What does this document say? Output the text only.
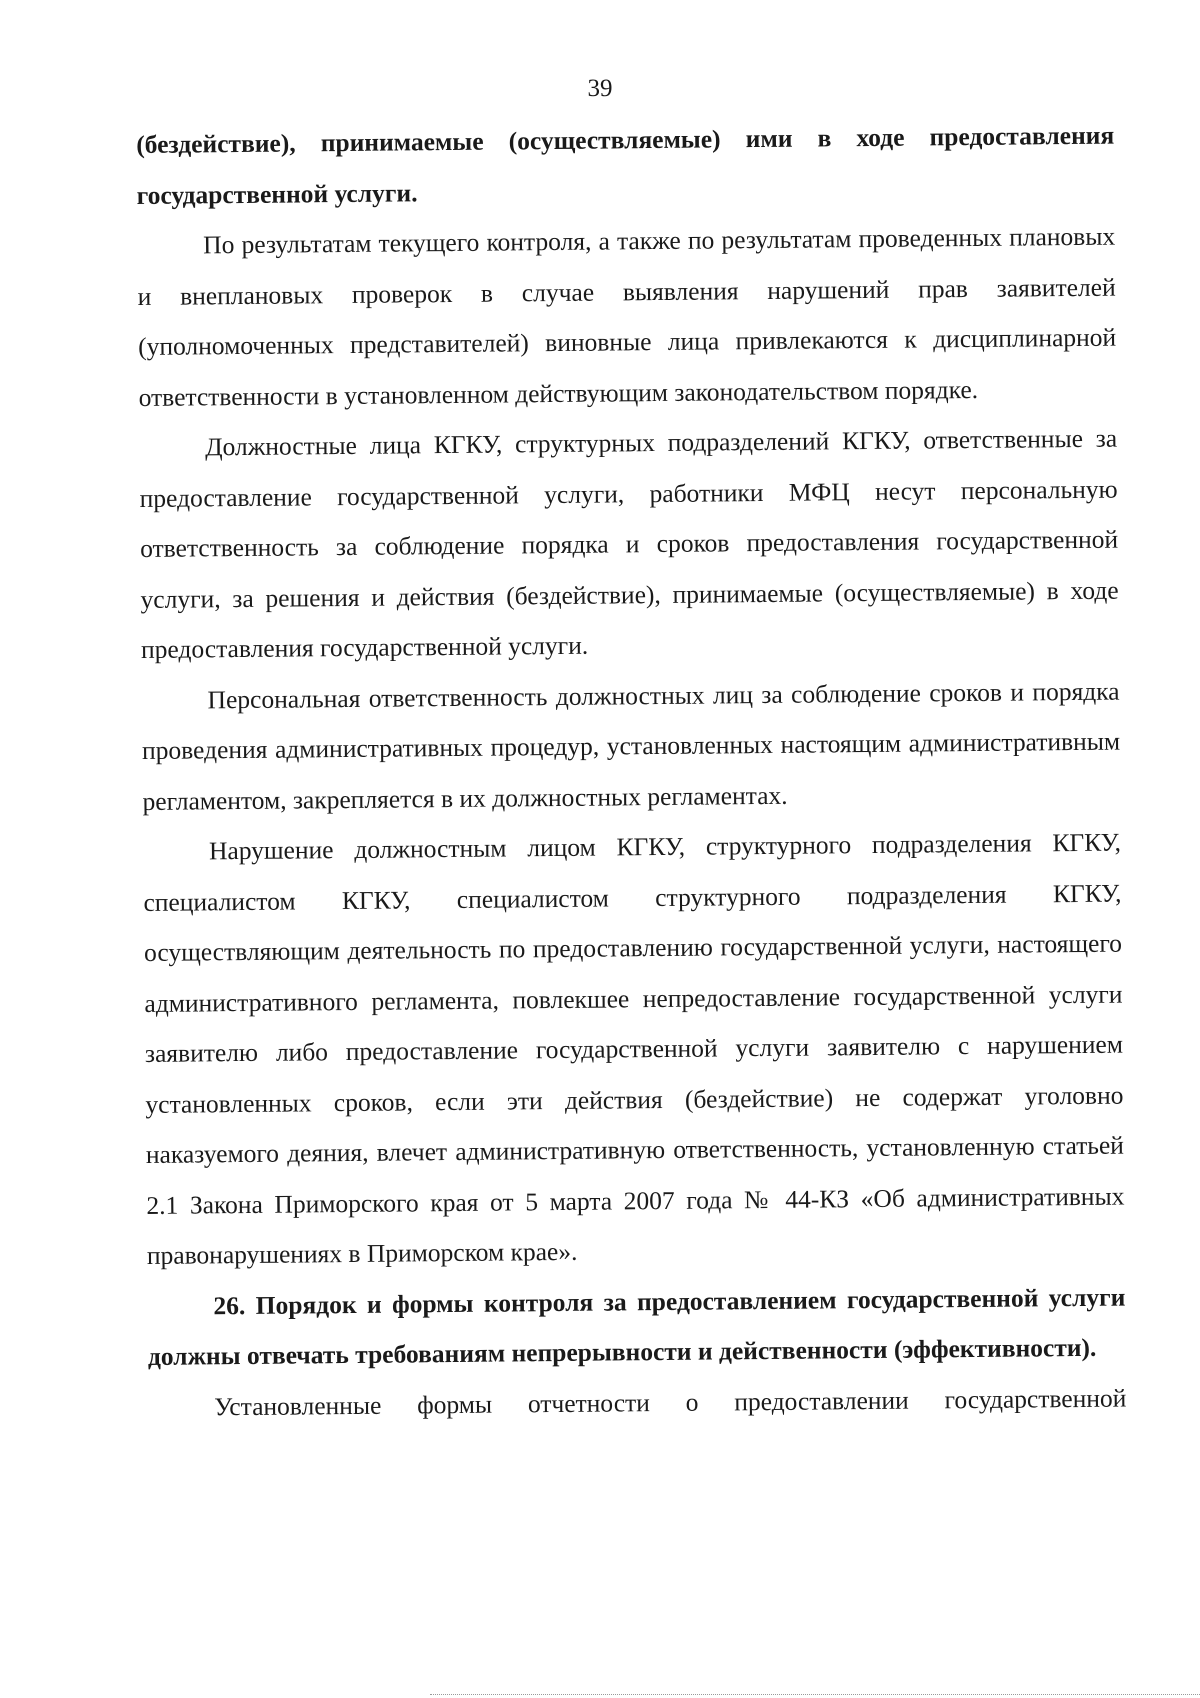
39

(бездействие), принимаемые (осуществляемые) ими в ходе предоставления государственной услуги.

По результатам текущего контроля, а также по результатам проведенных плановых и внеплановых проверок в случае выявления нарушений прав заявителей (уполномоченных представителей) виновные лица привлекаются к дисциплинарной ответственности в установленном действующим законодательством порядке.

Должностные лица КГКУ, структурных подразделений КГКУ, ответственные за предоставление государственной услуги, работники МФЦ несут персональную ответственность за соблюдение порядка и сроков предоставления государственной услуги, за решения и действия (бездействие), принимаемые (осуществляемые) в ходе предоставления государственной услуги.

Персональная ответственность должностных лиц за соблюдение сроков и порядка проведения административных процедур, установленных настоящим административным регламентом, закрепляется в их должностных регламентах.

Нарушение должностным лицом КГКУ, структурного подразделения КГКУ, специалистом КГКУ, специалистом структурного подразделения КГКУ, осуществляющим деятельность по предоставлению государственной услуги, настоящего административного регламента, повлекшее непредоставление государственной услуги заявителю либо предоставление государственной услуги заявителю с нарушением установленных сроков, если эти действия (бездействие) не содержат уголовно наказуемого деяния, влечет административную ответственность, установленную статьей 2.1 Закона Приморского края от 5 марта 2007 года № 44-КЗ «Об административных правонарушениях в Приморском крае».

26. Порядок и формы контроля за предоставлением государственной услуги должны отвечать требованиям непрерывности и действенности (эффективности).

Установленные формы отчетности о предоставлении государственной
